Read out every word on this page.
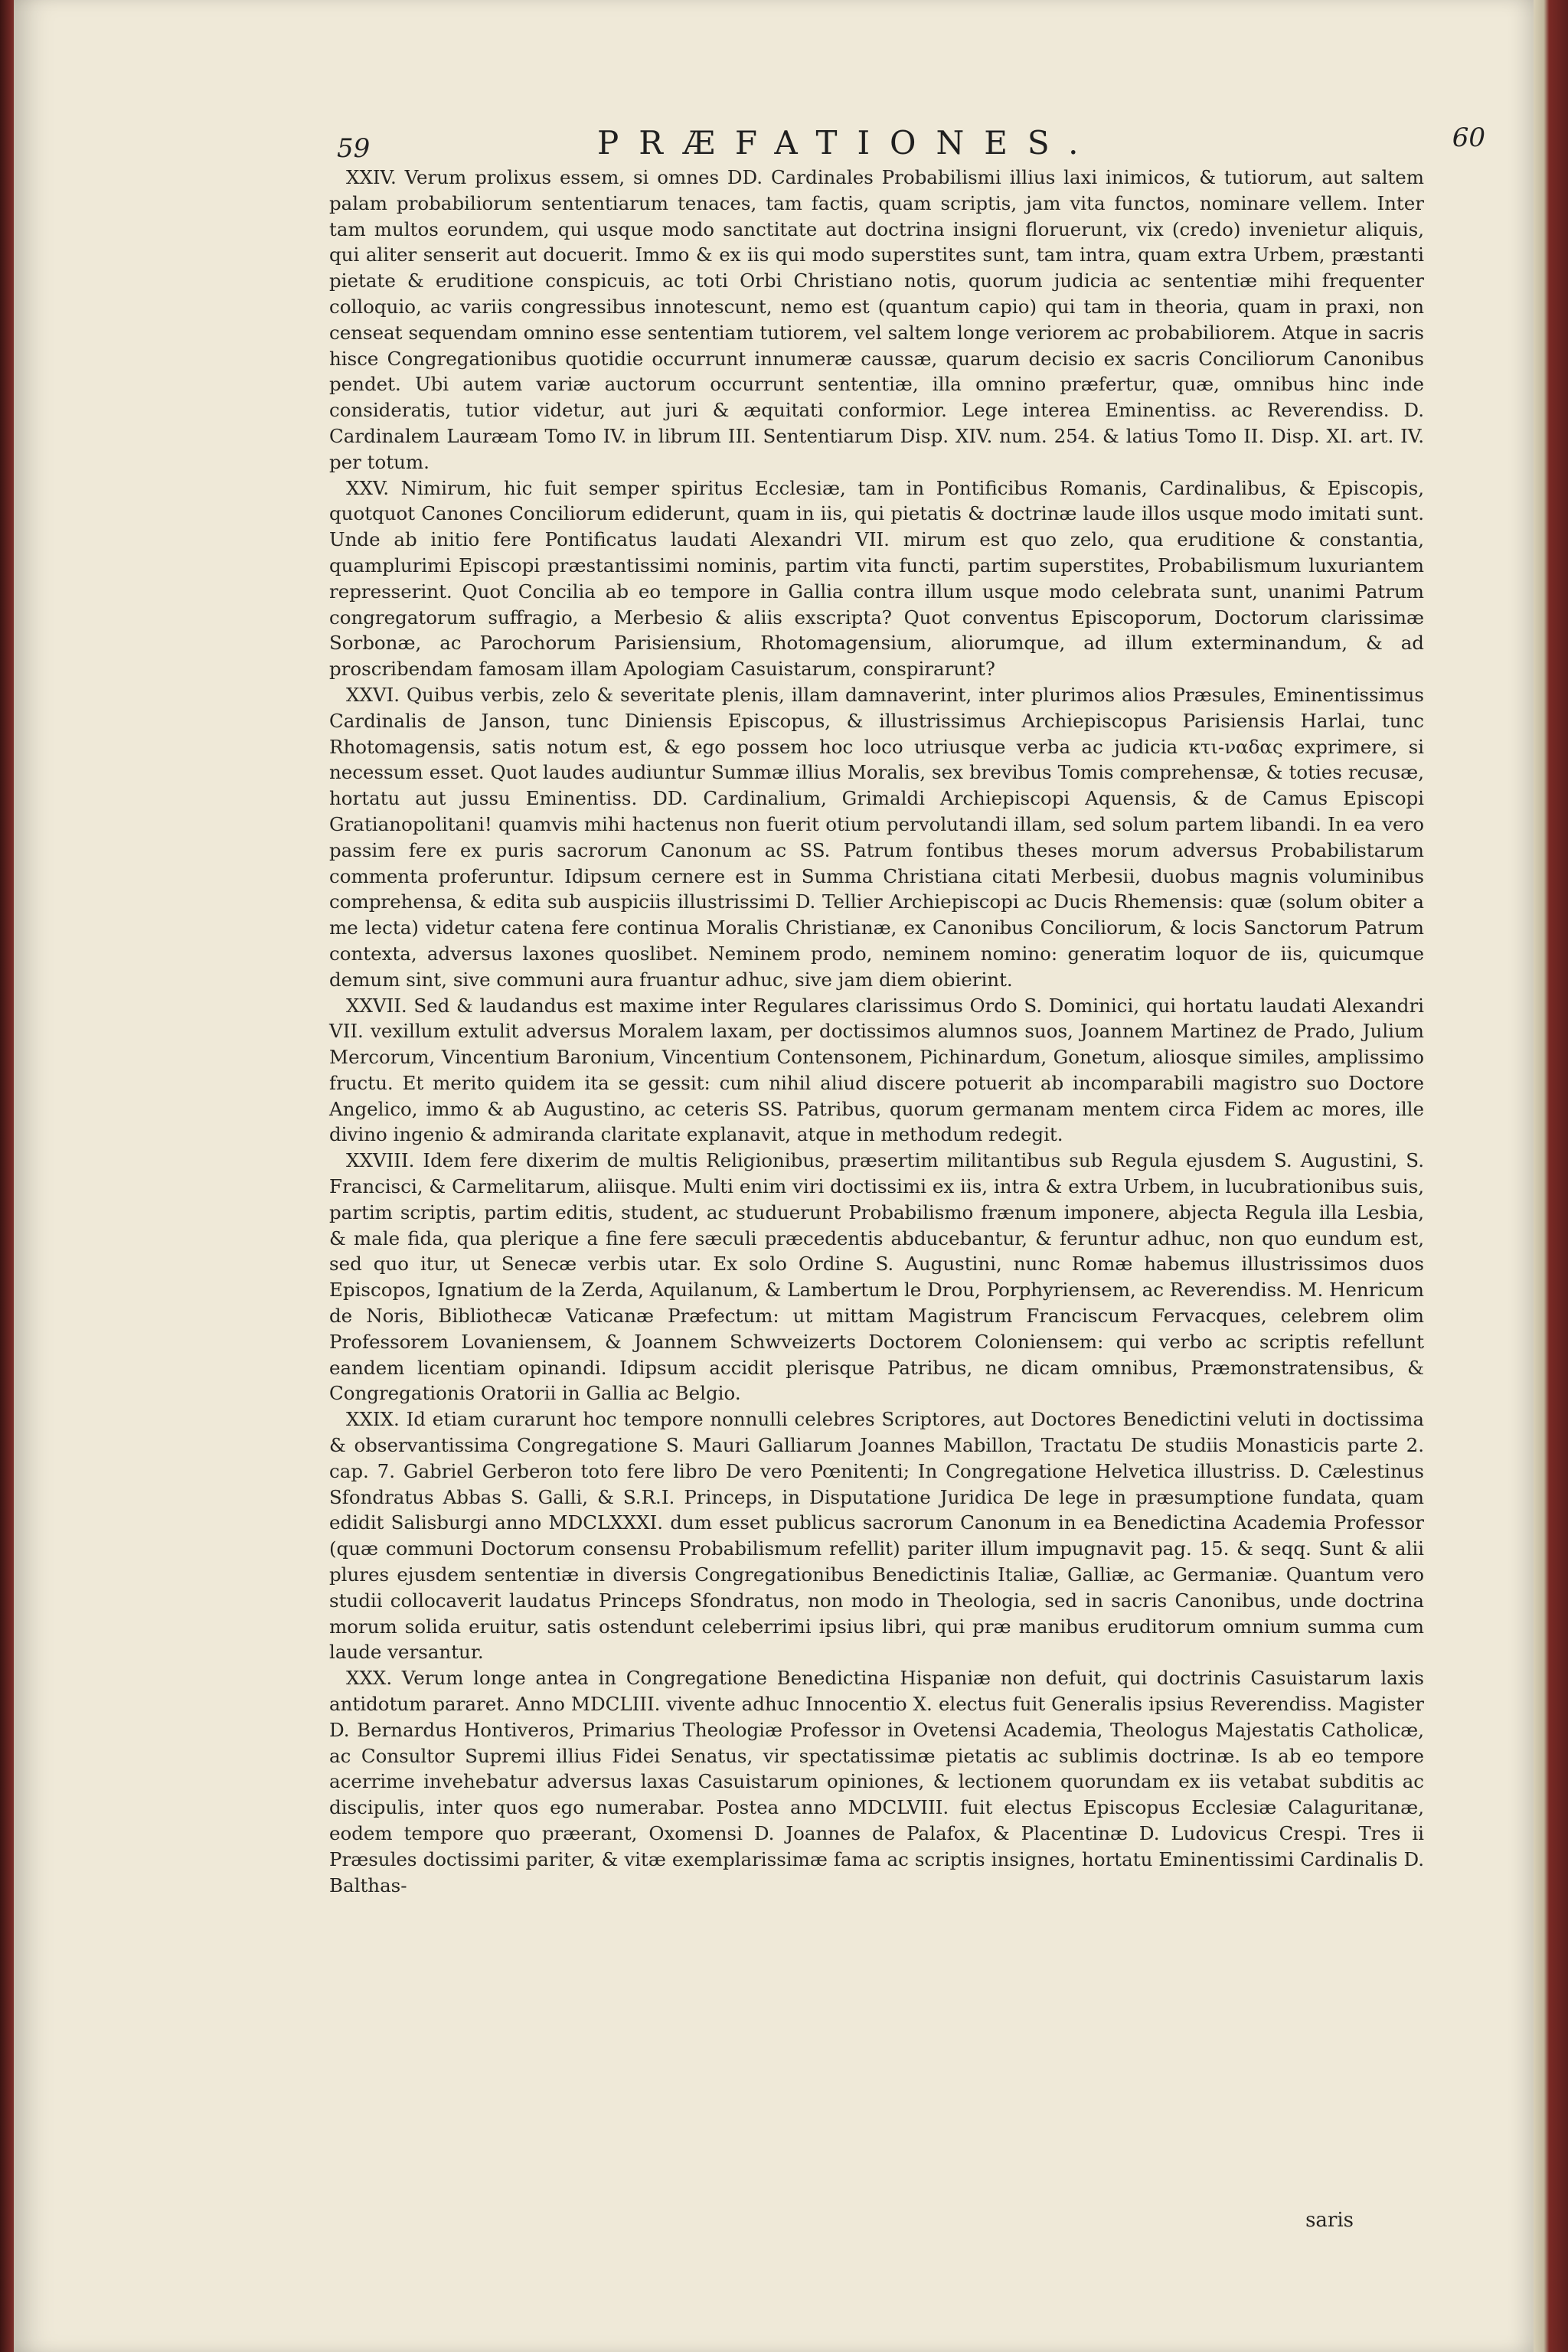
59	PRÆFATIONES.	60

XXIV. Verum prolixus essem, si omnes DD. Cardinales Probabilismi illius laxi inimicos, & tutiorum, aut saltem palam probabiliorum sententiarum tenaces, tam factis, quam scriptis, jam vita functos, nominare vellem. Inter tam multos eorundem, qui usque modo sanctitate aut doctrina insigni floruerunt, vix (credo) invenietur aliquis, qui aliter senserit aut docuerit. Immo & ex iis qui modo superstites sunt, tam intra, quam extra Urbem, præstanti pietate & eruditione conspicuis, ac toti Orbi Christiano notis, quorum judicia ac sententiæ mihi frequenter colloquio, ac variis congressibus innotescunt, nemo est (quantum capio) qui tam in theoria, quam in praxi, non censeat sequendam omnino esse sententiam tutiorem, vel saltem longe veriorem ac probabiliorem. Atque in sacris hisce Congregationibus quotidie occurrunt innumeræ caussæ, quarum decisio ex sacris Conciliorum Canonibus pendet. Ubi autem variæ auctorum occurrunt sententiæ, illa omnino præfertur, quæ, omnibus hinc inde consideratis, tutior videtur, aut juri & æquitati conformior. Lege interea Eminentiss. ac Reverendiss. D. Cardinalem Lauræam Tomo IV. in librum III. Sententiarum Disp. XIV. num. 254. & latius Tomo II. Disp. XI. art. IV. per totum.

XXV. Nimirum, hic fuit semper spiritus Ecclesiæ, tam in Pontificibus Romanis, Cardinalibus, & Episcopis, quotquot Canones Conciliorum ediderunt, quam in iis, qui pietatis & doctrinæ laude illos usque modo imitati sunt. Unde ab initio fere Pontificatus laudati Alexandri VII. mirum est quo zelo, qua eruditione & constantia, quamplurimi Episcopi præstantissimi nominis, partim vita functi, partim superstites, Probabilismum luxuriantem represserint. Quot Concilia ab eo tempore in Gallia contra illum usque modo celebrata sunt, unanimi Patrum congregatorum suffragio, a Merbesio & aliis exscripta? Quot conventus Episcoporum, Doctorum clarissimæ Sorbonæ, ac Parochorum Parisiensium, Rhotomagensium, aliorumque, ad illum exterminandum, & ad proscribendam famosam illam Apologiam Casuistarum, conspirarunt?

XXVI. Quibus verbis, zelo & severitate plenis, illam damnaverint, inter plurimos alios Præsules, Eminentissimus Cardinalis de Janson, tunc Diniensis Episcopus, & illustrissimus Archiepiscopus Parisiensis Harlai, tunc Rhotomagensis, satis notum est, & ego possem hoc loco utriusque verba ac judicia κτι-ναδας exprimere, si necessum esset. Quot laudes audiuntur Summæ illius Moralis, sex brevibus Tomis comprehensæ, & toties recusæ, hortatu aut jussu Eminentiss. DD. Cardinalium, Grimaldi Archiepiscopi Aquensis, & de Camus Episcopi Gratianopolitani! quamvis mihi hactenus non fuerit otium pervolutandi illam, sed solum partem libandi. In ea vero passim fere ex puris sacrorum Canonum ac SS. Patrum fontibus theses morum adversus Probabilistarum commenta proferuntur. Idipsum cernere est in Summa Christiana citati Merbesii, duobus magnis voluminibus comprehensa, & edita sub auspiciis illustrissimi D. Tellier Archiepiscopi ac Ducis Rhemensis: quæ (solum obiter a me lecta) videtur catena fere continua Moralis Christianæ, ex Canonibus Conciliorum, & locis Sanctorum Patrum contexta, adversus laxones quoslibet. Neminem prodo, neminem nomino: generatim loquor de iis, quicumque demum sint, sive communi aura fruantur adhuc, sive jam diem obierint.

XXVII. Sed & laudandus est maxime inter Regulares clarissimus Ordo S. Dominici, qui hortatu laudati Alexandri VII. vexillum extulit adversus Moralem laxam, per doctissimos alumnos suos, Joannem Martinez de Prado, Julium Mercorum, Vincentium Baronium, Vincentium Contensonem, Pichinardum, Gonetum, aliosque similes, amplissimo fructu. Et merito quidem ita se gessit: cum nihil aliud discere potuerit ab incomparabili magistro suo Doctore Angelico, immo & ab Augustino, ac ceteris SS. Patribus, quorum germanam mentem circa Fidem ac mores, ille divino ingenio & admiranda claritate explanavit, atque in methodum redegit.

XXVIII. Idem fere dixerim de multis Religionibus, præsertim militantibus sub Regula ejusdem S. Augustini, S. Francisci, & Carmelitarum, aliisque. Multi enim viri doctissimi ex iis, intra & extra Urbem, in lucubrationibus suis, partim scriptis, partim editis, student, ac studuerunt Probabilismo frænum imponere, abjecta Regula illa Lesbia, & male fida, qua plerique a fine fere sæculi præcedentis abducebantur, & feruntur adhuc, non quo eundum est, sed quo itur, ut Senecæ verbis utar. Ex solo Ordine S. Augustini, nunc Romæ habemus illustrissimos duos Episcopos, Ignatium de la Zerda, Aquilanum, & Lambertum le Drou, Porphyriensem, ac Reverendiss. M. Henricum de Noris, Bibliothecæ Vaticanæ Præfectum: ut mittam Magistrum Franciscum Fervacques, celebrem olim Professorem Lovaniensem, & Joannem Schwveizerts Doctorem Coloniensem: qui verbo ac scriptis refellunt eandem licentiam opinandi. Idipsum accidit plerisque Patribus, ne dicam omnibus, Præmonstratensibus, & Congregationis Oratorii in Gallia ac Belgio.

XXIX. Id etiam curarunt hoc tempore nonnulli celebres Scriptores, aut Doctores Benedictini veluti in doctissima & observantissima Congregatione S. Mauri Galliarum Joannes Mabillon, Tractatu De studiis Monasticis parte 2. cap. 7. Gabriel Gerberon toto fere libro De vero Pœnitenti; In Congregatione Helvetica illustriss. D. Cælestinus Sfondratus Abbas S. Galli, & S.R.I. Princeps, in Disputatione Juridica De lege in præsumptione fundata, quam edidit Salisburgi anno MDCLXXXI. dum esset publicus sacrorum Canonum in ea Benedictina Academia Professor (quæ communi Doctorum consensu Probabilismum refellit) pariter illum impugnavit pag. 15. & seqq. Sunt & alii plures ejusdem sententiæ in diversis Congregationibus Benedictinis Italiæ, Galliæ, ac Germaniæ. Quantum vero studii collocaverit laudatus Princeps Sfondratus, non modo in Theologia, sed in sacris Canonibus, unde doctrina morum solida eruitur, satis ostendunt celeberrimi ipsius libri, qui præ manibus eruditorum omnium summa cum laude versantur.

XXX. Verum longe antea in Congregatione Benedictina Hispaniæ non defuit, qui doctrinis Casuistarum laxis antidotum pararet. Anno MDCLIII. vivente adhuc Innocentio X. electus fuit Generalis ipsius Reverendiss. Magister D. Bernardus Hontiveros, Primarius Theologiæ Professor in Ovetensi Academia, Theologus Majestatis Catholicæ, ac Consultor Supremi illius Fidei Senatus, vir spectatissimæ pietatis ac sublimis doctrinæ. Is ab eo tempore acerrime invehebatur adversus laxas Casuistarum opiniones, & lectionem quorundam ex iis vetabat subditis ac discipulis, inter quos ego numerabar. Postea anno MDCLVIII. fuit electus Episcopus Ecclesiæ Calaguritanæ, eodem tempore quo præerant, Oxomensi D. Joannes de Palafox, & Placentinæ D. Ludovicus Crespi. Tres ii Præsules doctissimi pariter, & vitæ exemplarissimæ fama ac scriptis insignes, hortatu Eminentissimi Cardinalis D. Balthas-

saris
